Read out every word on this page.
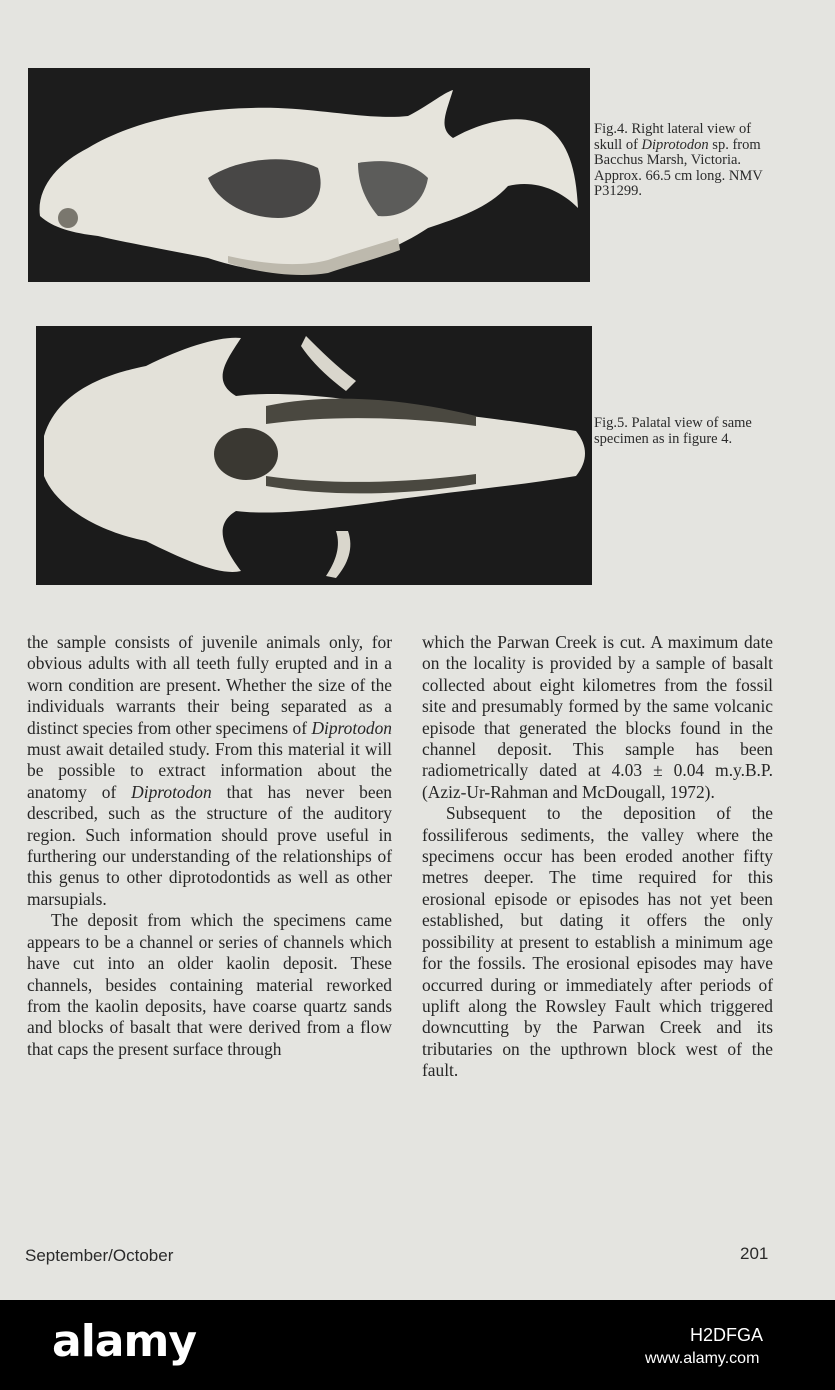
Fig.4. Right lateral view of skull of Diprotodon sp. from Bacchus Marsh, Victoria. Approx. 66.5 cm long. NMV P31299.
Fig.5. Palatal view of same specimen as in figure 4.

the sample consists of juvenile animals only, for obvious adults with all teeth fully erupted and in a worn condition are present. Whether the size of the individuals warrants their being separated as a distinct species from other specimens of Diprotodon must await detailed study. From this material it will be possible to extract information about the anatomy of Diprotodon that has never been described, such as the structure of the auditory region. Such information should prove useful in furthering our understanding of the relationships of this genus to other diprotodontids as well as other marsupials.

The deposit from which the specimens came appears to be a channel or series of channels which have cut into an older kaolin deposit. These channels, besides containing material reworked from the kaolin deposits, have coarse quartz sands and blocks of basalt that were derived from a flow that caps the present surface through

which the Parwan Creek is cut. A maximum date on the locality is provided by a sample of basalt collected about eight kilometres from the fossil site and presumably formed by the same volcanic episode that generated the blocks found in the channel deposit. This sample has been radiometrically dated at 4.03 ± 0.04 m.y.B.P. (Aziz-Ur-Rahman and McDougall, 1972).

Subsequent to the deposition of the fossiliferous sediments, the valley where the specimens occur has been eroded another fifty metres deeper. The time required for this erosional episode or episodes has not yet been established, but dating it offers the only possibility at present to establish a minimum age for the fossils. The erosional episodes may have occurred during or immediately after periods of uplift along the Rowsley Fault which triggered downcutting by the Parwan Creek and its tributaries on the upthrown block west of the fault.

September/October	201
alamy	H2DFGA
www.alamy.com
